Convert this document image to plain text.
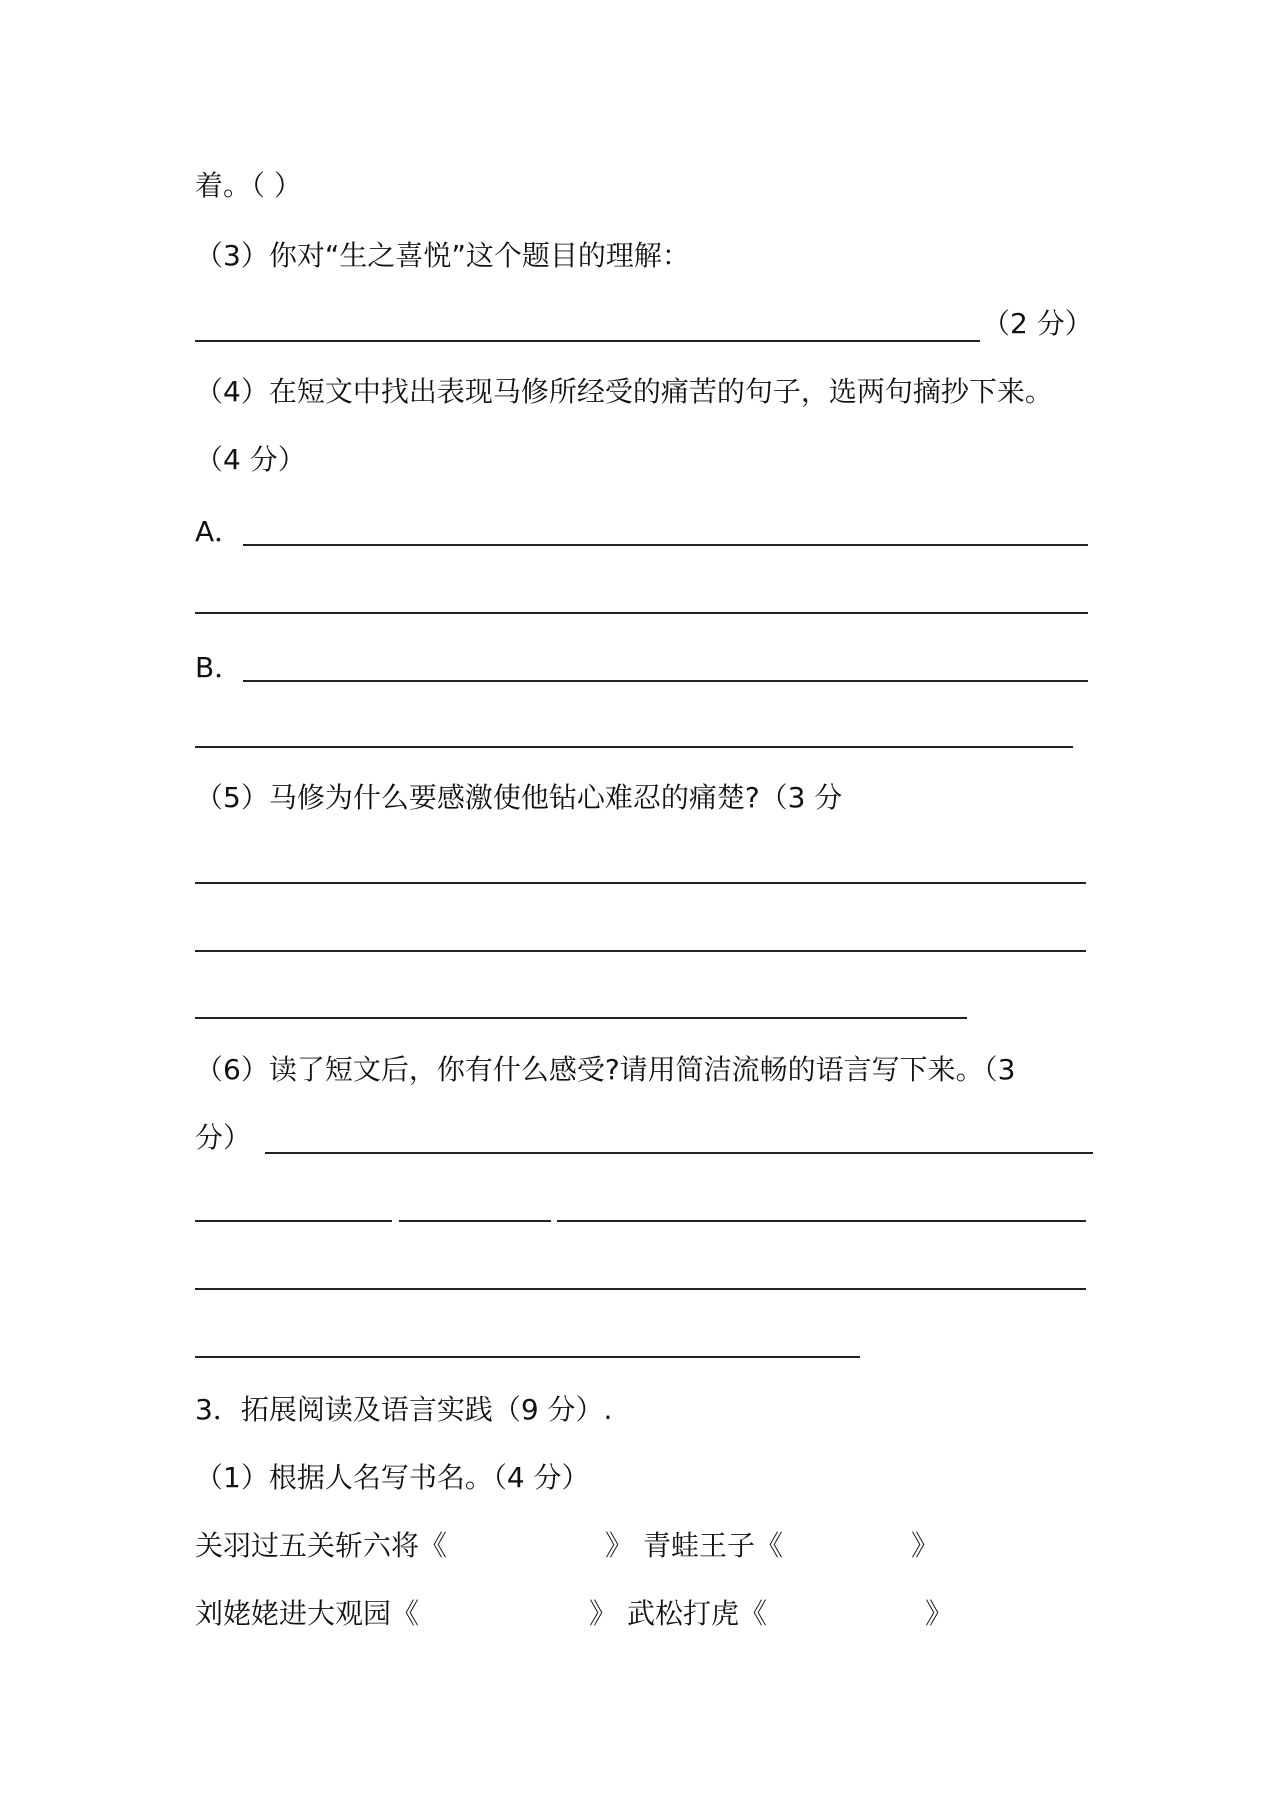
着。（ ）
（3）你对“生之喜悦”这个题目的理解：
（2 分）
（4）在短文中找出表现马修所经受的痛苦的句子，选两句摘抄下来。
（4 分）
A．
B．
（5）马修为什么要感激使他钻心难忍的痛楚?（3 分
（6）读了短文后，你有什么感受?请用简洁流畅的语言写下来。（3
分）
3．拓展阅读及语言实践（9 分）.
（1）根据人名写书名。（4 分）
关羽过五关斩六将《	》 青蛙王子《	》
刘姥姥进大观园《	》 武松打虎《	》
